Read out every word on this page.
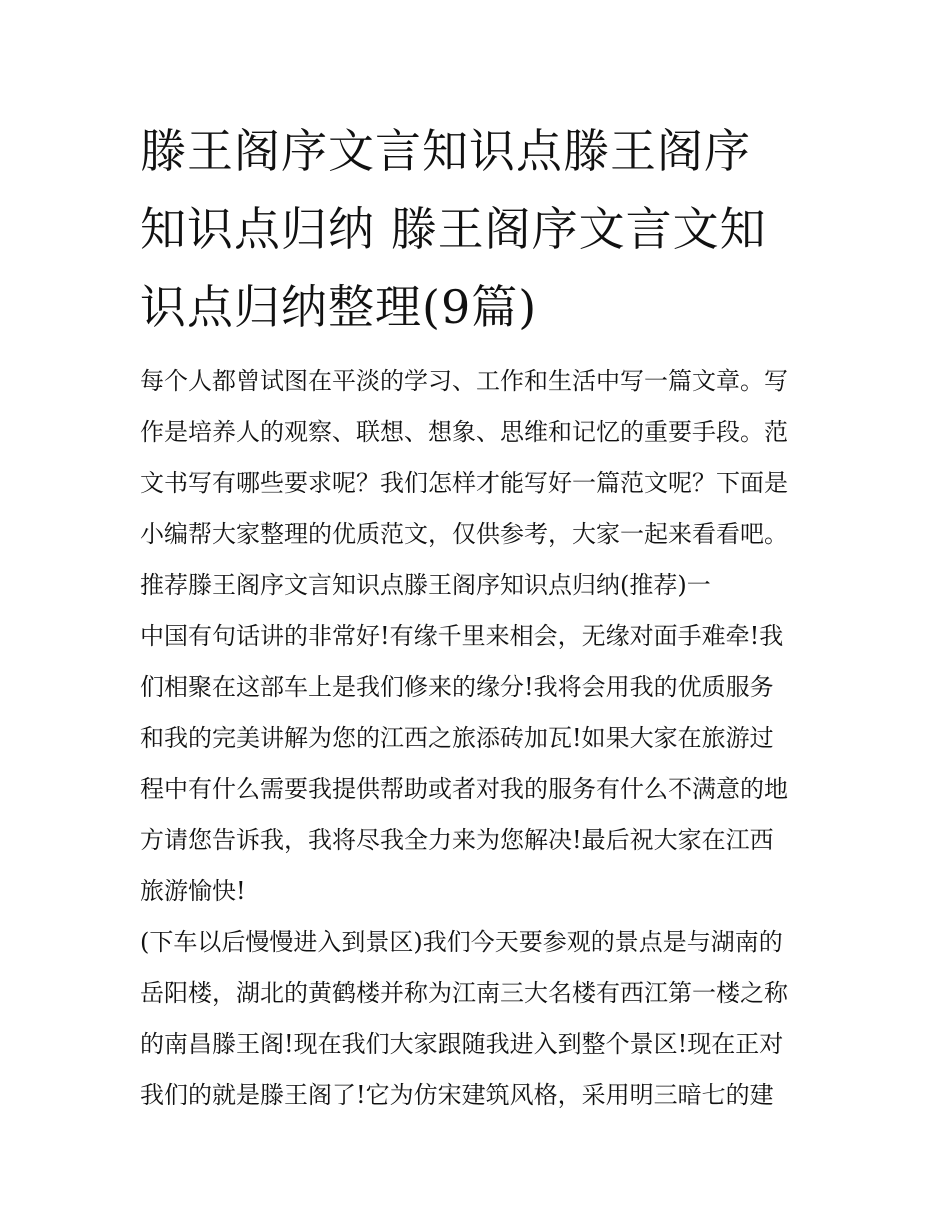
滕王阁序文言知识点滕王阁序
知识点归纳 滕王阁序文言文知
识点归纳整理(9篇)
每个人都曾试图在平淡的学习、工作和生活中写一篇文章。写
作是培养人的观察、联想、想象、思维和记忆的重要手段。范
文书写有哪些要求呢？我们怎样才能写好一篇范文呢？下面是
小编帮大家整理的优质范文，仅供参考，大家一起来看看吧。
推荐滕王阁序文言知识点滕王阁序知识点归纳(推荐)一
中国有句话讲的非常好!有缘千里来相会，无缘对面手难牵!我
们相聚在这部车上是我们修来的缘分!我将会用我的优质服务
和我的完美讲解为您的江西之旅添砖加瓦!如果大家在旅游过
程中有什么需要我提供帮助或者对我的服务有什么不满意的地
方请您告诉我，我将尽我全力来为您解决!最后祝大家在江西
旅游愉快!
(下车以后慢慢进入到景区)我们今天要参观的景点是与湖南的
岳阳楼，湖北的黄鹤楼并称为江南三大名楼有西江第一楼之称
的南昌滕王阁!现在我们大家跟随我进入到整个景区!现在正对
我们的就是滕王阁了!它为仿宋建筑风格，采用明三暗七的建
